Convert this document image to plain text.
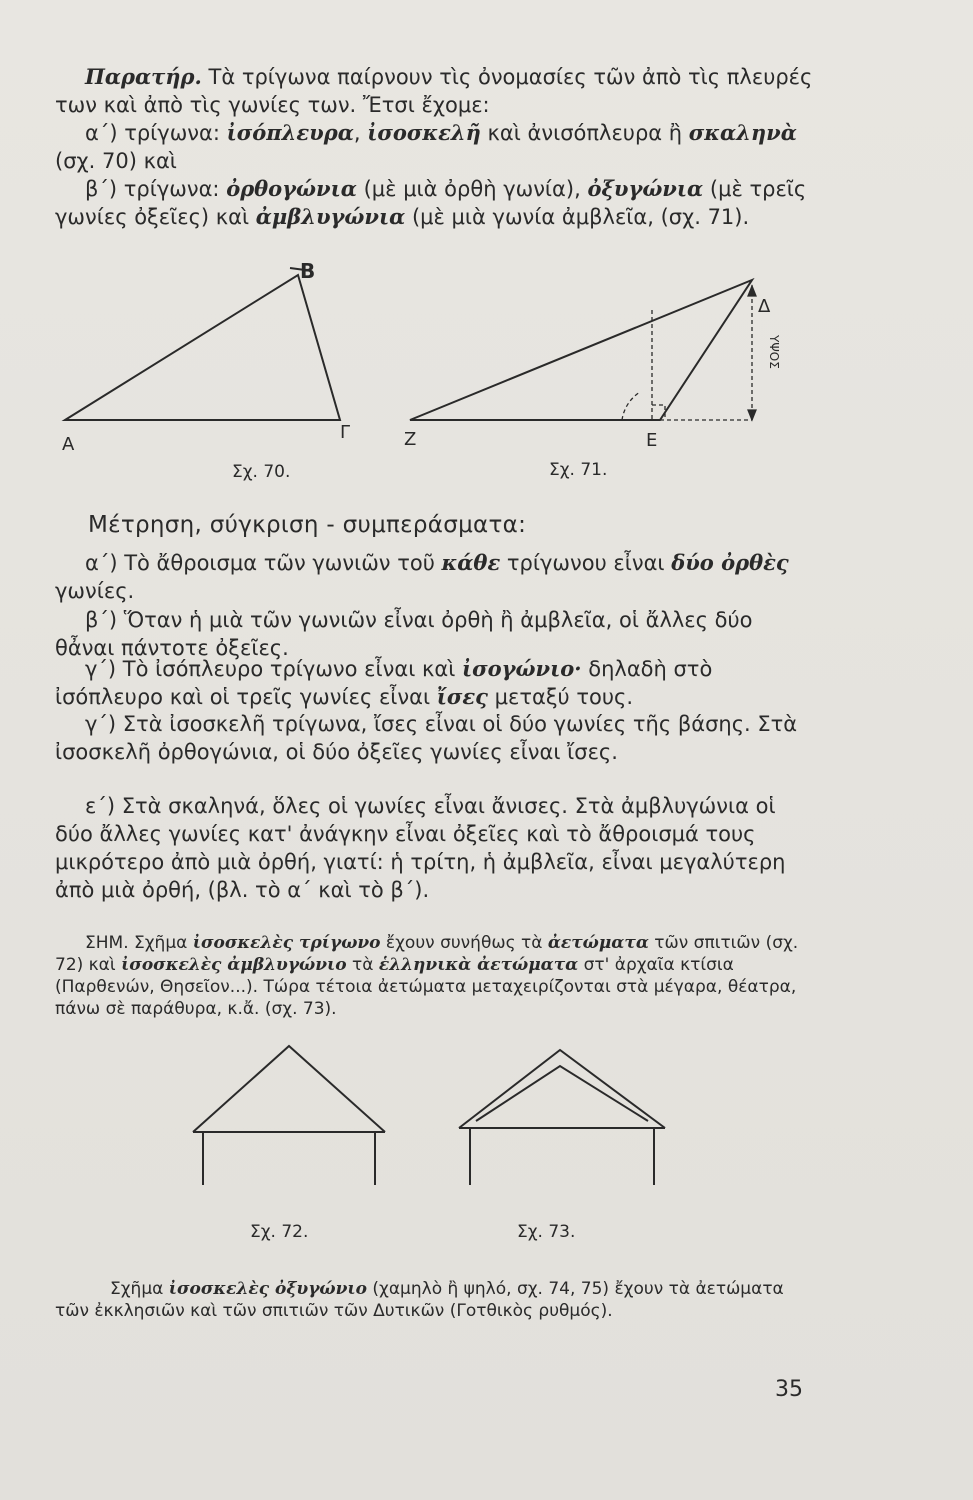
Παρατήρ. Τὰ τρίγωνα παίρνουν τὶς ὀνομασίες τῶν ἀπὸ τὶς πλευρές των καὶ ἀπὸ τὶς γωνίες των. Ἔτσι ἔχομε:
α΄) τρίγωνα: ἰσόπλευρα, ἰσοσκελῆ καὶ ἀνισόπλευρα ἢ σκαληνὰ (σχ. 70) καὶ
β΄) τρίγωνα: ὀρθογώνια (μὲ μιὰ ὀρθὴ γωνία), ὀξυγώνια (μὲ τρεῖς γωνίες ὀξεῖες) καὶ ἀμβλυγώνια (μὲ μιὰ γωνία ἀμβλεῖα, (σχ. 71).

A
B
Γ	Z	E
Δ
ΥΨΟΣ
Σχ. 70.	Σχ. 71.
Μέτρηση, σύγκριση - συμπεράσματα:

α΄) Τὸ ἄθροισμα τῶν γωνιῶν τοῦ κάθε τρίγωνου εἶναι δύο ὀρθὲς γωνίες.

β΄) Ὅταν ἡ μιὰ τῶν γωνιῶν εἶναι ὀρθὴ ἢ ἀμβλεῖα, οἱ ἄλλες δύο θἆναι πάντοτε ὀξεῖες.

γ΄) Τὸ ἰσόπλευρο τρίγωνο εἶναι καὶ ἰσογώνιο· δηλαδὴ στὸ ἰσόπλευρο καὶ οἱ τρεῖς γωνίες εἶναι ἴσες μεταξύ τους.

γ΄) Στὰ ἰσοσκελῆ τρίγωνα, ἴσες εἶναι οἱ δύο γωνίες τῆς βάσης. Στὰ ἰσοσκελῆ ὀρθογώνια, οἱ δύο ὀξεῖες γωνίες εἶναι ἴσες.

ε΄) Στὰ σκαληνά, ὅλες οἱ γωνίες εἶναι ἄνισες. Στὰ ἀμβλυγώνια οἱ δύο ἄλλες γωνίες κατ' ἀνάγκην εἶναι ὀξεῖες καὶ τὸ ἄθροισμά τους μικρότερο ἀπὸ μιὰ ὀρθή, γιατί: ἡ τρίτη, ἡ ἀμβλεῖα, εἶναι μεγαλύτερη ἀπὸ μιὰ ὀρθή, (βλ. τὸ α΄ καὶ τὸ β΄).

ΣΗΜ. Σχῆμα ἰσοσκελὲς τρίγωνο ἔχουν συνήθως τὰ ἀετώματα τῶν σπιτιῶν (σχ. 72) καὶ ἰσοσκελὲς ἀμβλυγώνιο τὰ ἑλληνικὰ ἀετώματα στ' ἀρχαῖα κτίσια (Παρθενών, Θησεῖον...). Τώρα τέτοια ἀετώματα μεταχειρίζονται στὰ μέγαρα, θέατρα, πάνω σὲ παράθυρα, κ.ἄ. (σχ. 73).

Σχ. 72.	Σχ. 73.

Σχῆμα ἰσοσκελὲς ὀξυγώνιο (χαμηλὸ ἢ ψηλό, σχ. 74, 75) ἔχουν τὰ ἀετώματα τῶν ἐκκλησιῶν καὶ τῶν σπιτιῶν τῶν Δυτικῶν (Γοτθικὸς ρυθμός).

35
